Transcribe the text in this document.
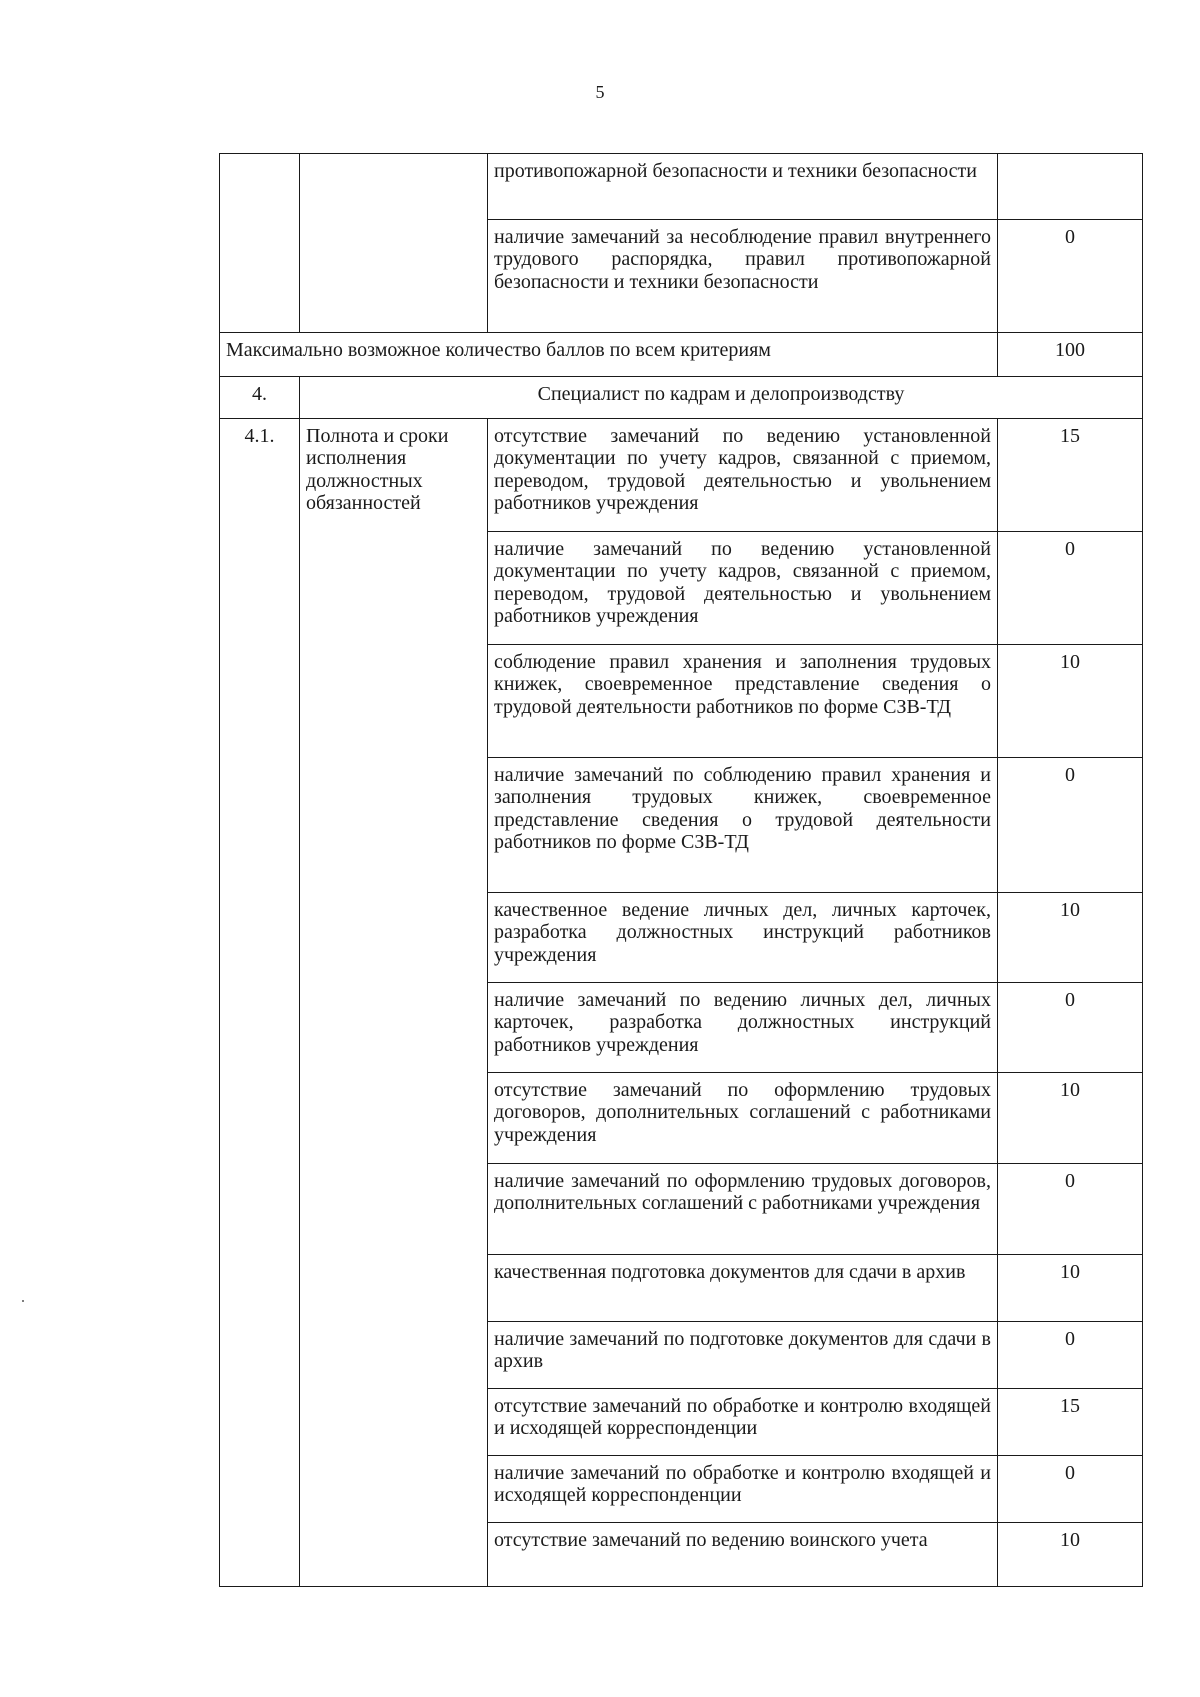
5
		противопожарной безопасности и техники безопасности	
		наличие замечаний за несоблюдение правил внутреннего трудового распорядка, правил противопожарной безопасности и техники безопасности	0
Максимально возможное количество баллов по всем критериям			100
4.	Специалист по кадрам и делопроизводству		
4.1.	Полнота и сроки исполнения должностных обязанностей	отсутствие замечаний по ведению установленной документации по учету кадров, связанной с приемом, переводом, трудовой деятельностью и увольнением работников учреждения	15
		наличие замечаний по ведению установленной документации по учету кадров, связанной с приемом, переводом, трудовой деятельностью и увольнением работников учреждения	0
		соблюдение правил хранения и заполнения трудовых книжек, своевременное представление сведения о трудовой деятельности работников по форме СЗВ-ТД	10
		наличие замечаний по соблюдению правил хранения и заполнения трудовых книжек, своевременное представление сведения о трудовой деятельности работников по форме СЗВ-ТД	0
		качественное ведение личных дел, личных карточек, разработка должностных инструкций работников учреждения	10
		наличие замечаний по ведению личных дел, личных карточек, разработка должностных инструкций работников учреждения	0
		отсутствие замечаний по оформлению трудовых договоров, дополнительных соглашений с работниками учреждения	10
		наличие замечаний по оформлению трудовых договоров, дополнительных соглашений с работниками учреждения	0
		качественная подготовка документов для сдачи в архив	10
		наличие замечаний по подготовке документов для сдачи в архив	0
		отсутствие замечаний по обработке и контролю входящей и исходящей корреспонденции	15
		наличие замечаний по обработке и контролю входящей и исходящей корреспонденции	0
		отсутствие замечаний по ведению воинского учета	10
